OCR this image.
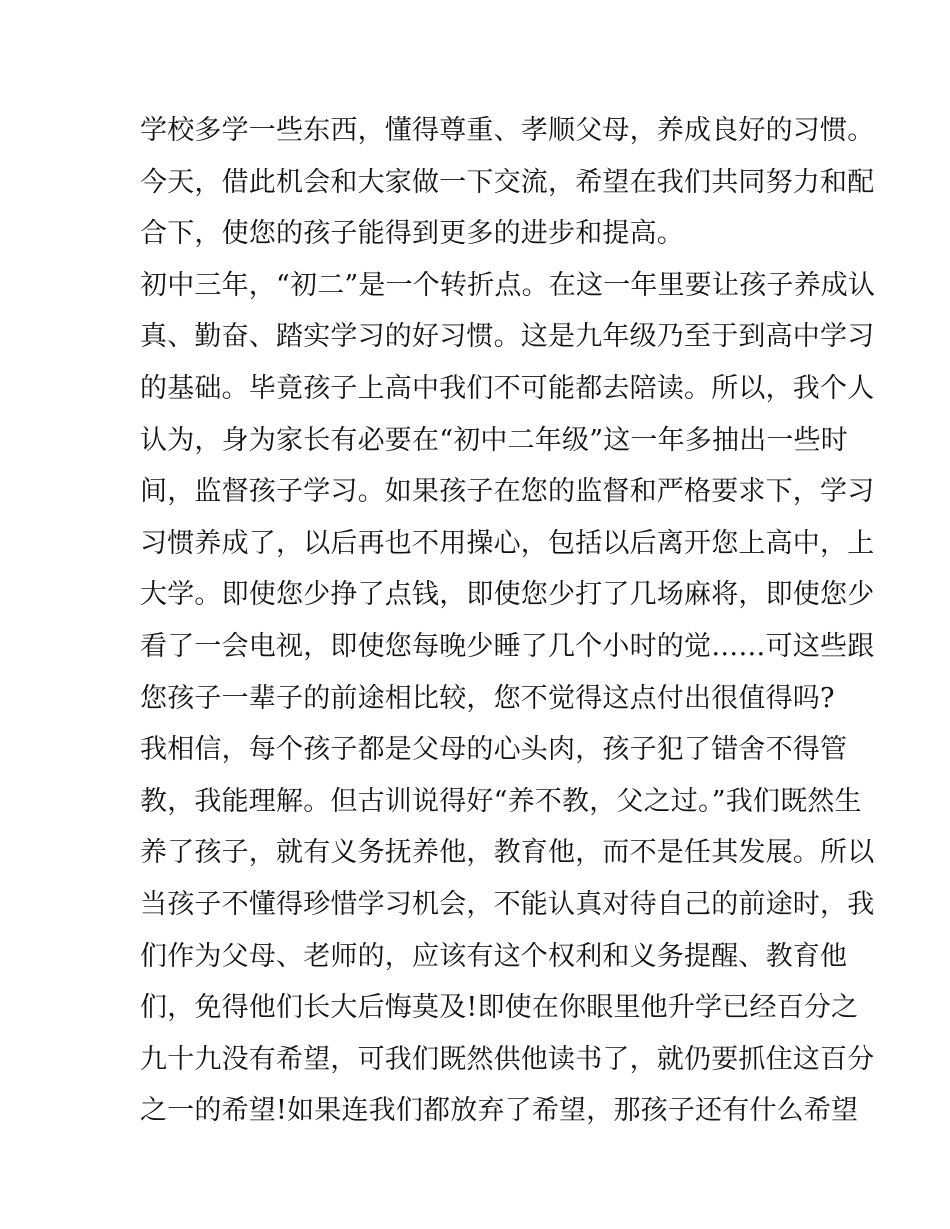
学校多学一些东西，懂得尊重、孝顺父母，养成良好的习惯。
今天，借此机会和大家做一下交流，希望在我们共同努力和配
合下，使您的孩子能得到更多的进步和提高。
初中三年，“初二”是一个转折点。在这一年里要让孩子养成认
真、勤奋、踏实学习的好习惯。这是九年级乃至于到高中学习
的基础。毕竟孩子上高中我们不可能都去陪读。所以，我个人
认为，身为家长有必要在“初中二年级”这一年多抽出一些时
间，监督孩子学习。如果孩子在您的监督和严格要求下，学习
习惯养成了，以后再也不用操心，包括以后离开您上高中，上
大学。即使您少挣了点钱，即使您少打了几场麻将，即使您少
看了一会电视，即使您每晚少睡了几个小时的觉……可这些跟
您孩子一辈子的前途相比较，您不觉得这点付出很值得吗?
我相信，每个孩子都是父母的心头肉，孩子犯了错舍不得管
教，我能理解。但古训说得好“养不教，父之过。”我们既然生
养了孩子，就有义务抚养他，教育他，而不是任其发展。所以
当孩子不懂得珍惜学习机会，不能认真对待自己的前途时，我
们作为父母、老师的，应该有这个权利和义务提醒、教育他
们，免得他们长大后悔莫及!即使在你眼里他升学已经百分之
九十九没有希望，可我们既然供他读书了，就仍要抓住这百分
之一的希望!如果连我们都放弃了希望，那孩子还有什么希望
